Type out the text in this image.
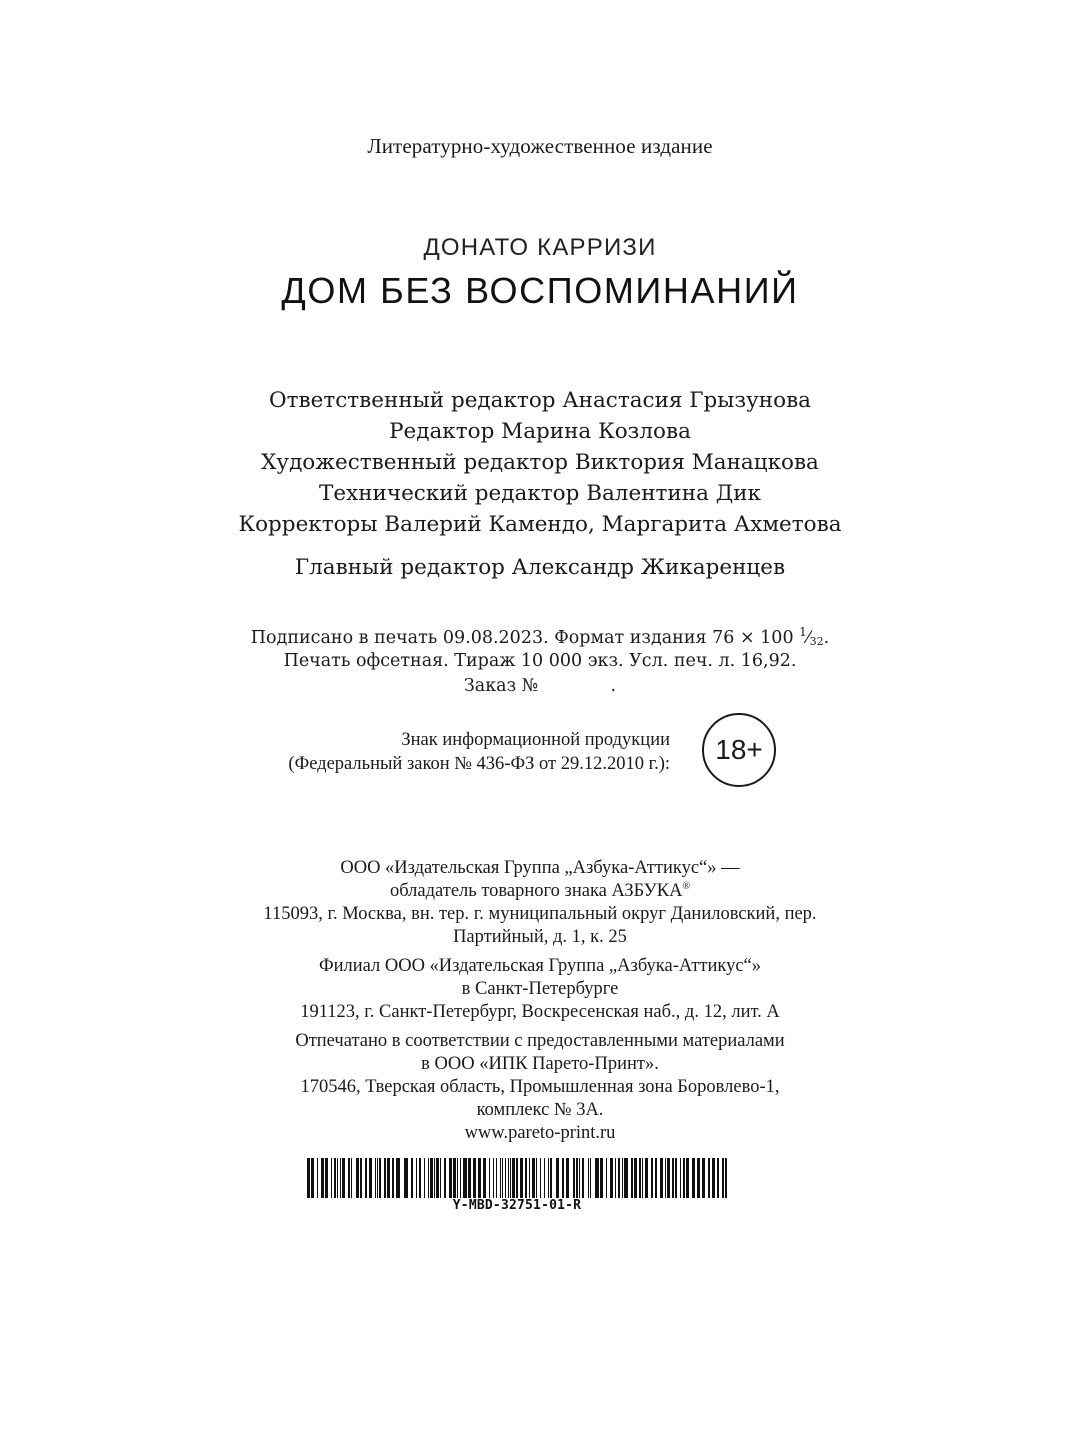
Литературно-художественное издание
ДОНАТО КАРРИЗИ
ДОМ БЕЗ ВОСПОМИНАНИЙ
Ответственный редактор Анастасия Грызунова
Редактор Марина Козлова
Художественный редактор Виктория Манацкова
Технический редактор Валентина Дик
Корректоры Валерий Камендо, Маргарита Ахметова
Главный редактор Александр Жикаренцев
Подписано в печать 09.08.2023. Формат издания 76 × 100 $^1$⁄32.
Печать офсетная. Тираж 10 000 экз. Усл. печ. л. 16,92.
Заказ №             .
Знак информационной продукции
(Федеральный закон № 436-ФЗ от 29.12.2010 г.): 18+
ООО «Издательская Группа „Азбука-Аттикус“» —
обладатель товарного знака АЗБУКА®
115093, г. Москва, вн. тер. г. муниципальный округ Даниловский, пер.
Партийный, д. 1, к. 25
Филиал ООО «Издательская Группа „Азбука-Аттикус“»
в Санкт-Петербурге
191123, г. Санкт-Петербург, Воскресенская наб., д. 12, лит. А
Отпечатано в соответствии с предоставленными материалами
в ООО «ИПК Парето-Принт».
170546, Тверская область, Промышленная зона Боровлево-1,
комплекс № 3А.
www.pareto-print.ru
Y-MBD-32751-01-R
